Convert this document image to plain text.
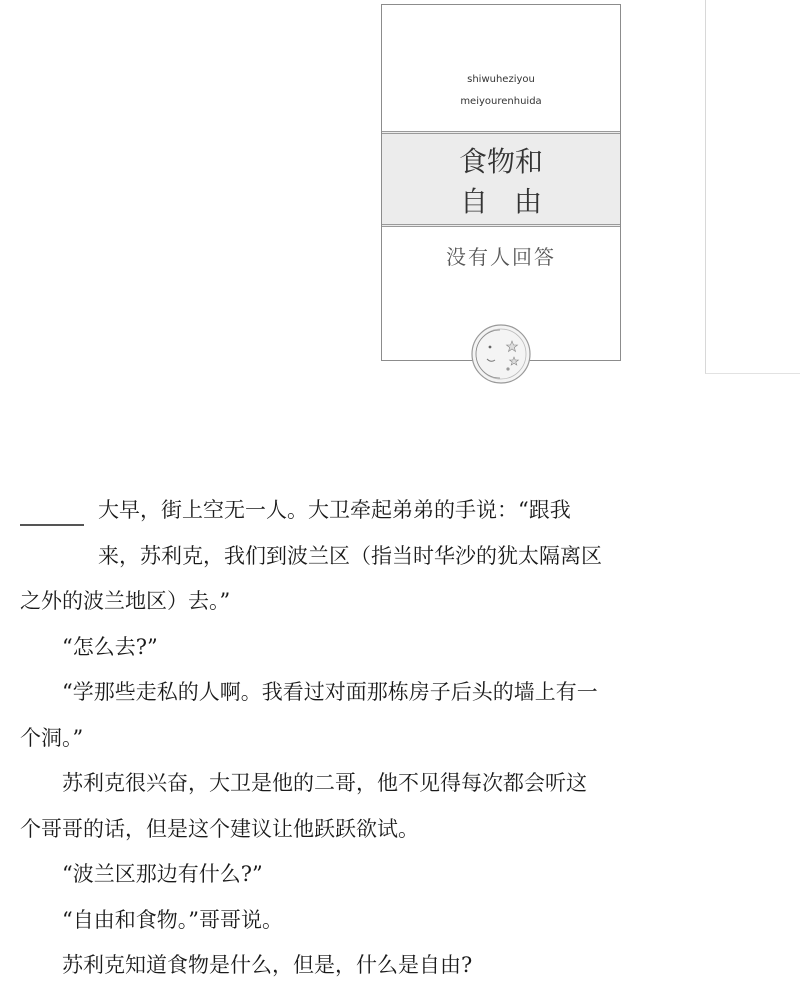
shiwuheziyou
meiyourenhuida
食物和
自由
没有人回答

大早，街上空无一人。大卫牵起弟弟的手说：“跟我

来，苏利克，我们到波兰区（指当时华沙的犹太隔离区

之外的波兰地区）去。”

“怎么去?”

“学那些走私的人啊。我看过对面那栋房子后头的墙上有一

个洞。”

苏利克很兴奋，大卫是他的二哥，他不见得每次都会听这

个哥哥的话，但是这个建议让他跃跃欲试。

“波兰区那边有什么?”

“自由和食物。”哥哥说。

苏利克知道食物是什么，但是，什么是自由?
